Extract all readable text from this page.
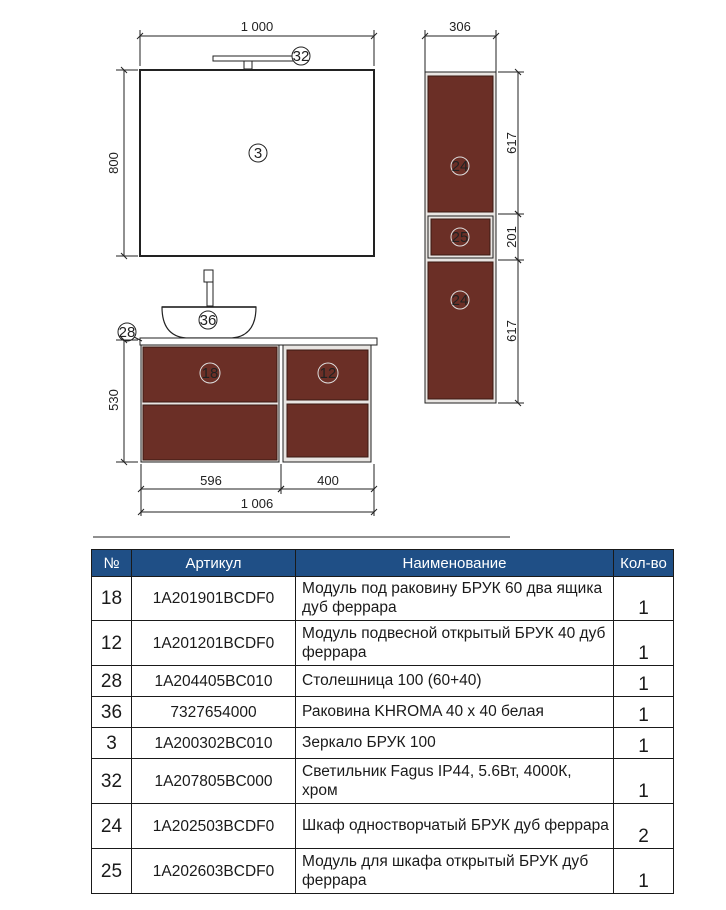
1 000
800
32
3
306
24
25
24
617
201
617
36
28
18	12
530
596	400
1 006
№	Артикул	Наименование	Кол-во
18	1A201901BCDF0	Модуль под раковину БРУК 60 два ящика дуб феррара	1
12	1A201201BCDF0	Модуль подвесной открытый БРУК 40 дуб феррара	1
28	1A204405BC010	Столешница 100 (60+40)	1
36	7327654000	Раковина KHROMA 40 x 40 белая	1
3	1A200302BC010	Зеркало БРУК 100	1
32	1A207805BC000	Светильник Fagus IP44, 5.6Вт, 4000К, хром	1
24	1A202503BCDF0	Шкаф одностворчатый БРУК дуб феррара	2
25	1A202603BCDF0	Модуль для шкафа открытый БРУК дуб феррара	1
